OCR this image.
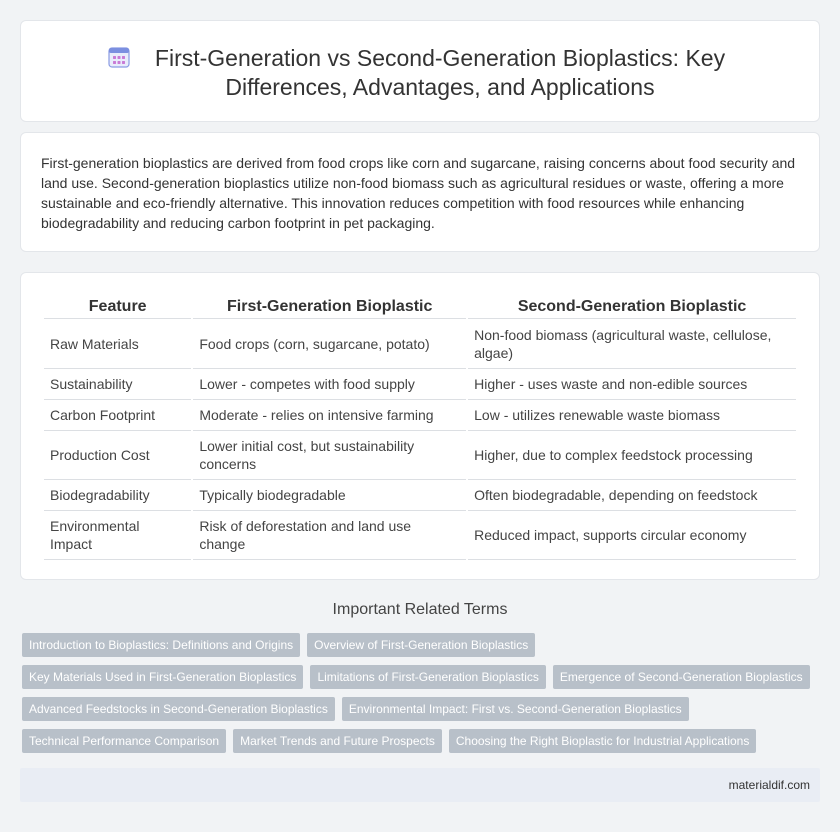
First-Generation vs Second-Generation Bioplastics: Key Differences, Advantages, and Applications

First-generation bioplastics are derived from food crops like corn and sugarcane, raising concerns about food security and land use. Second-generation bioplastics utilize non-food biomass such as agricultural residues or waste, offering a more sustainable and eco-friendly alternative. This innovation reduces competition with food resources while enhancing biodegradability and reducing carbon footprint in pet packaging.

Feature	First-Generation Bioplastic	Second-Generation Bioplastic
Raw Materials	Food crops (corn, sugarcane, potato)	Non-food biomass (agricultural waste, cellulose, algae)
Sustainability	Lower - competes with food supply	Higher - uses waste and non-edible sources
Carbon Footprint	Moderate - relies on intensive farming	Low - utilizes renewable waste biomass
Production Cost	Lower initial cost, but sustainability concerns	Higher, due to complex feedstock processing
Biodegradability	Typically biodegradable	Often biodegradable, depending on feedstock
Environmental Impact	Risk of deforestation and land use change	Reduced impact, supports circular economy
Important Related Terms
Introduction to Bioplastics: Definitions and Origins Overview of First-Generation Bioplastics
Key Materials Used in First-Generation Bioplastics Limitations of First-Generation Bioplastics Emergence of Second-Generation Bioplastics
Advanced Feedstocks in Second-Generation Bioplastics Environmental Impact: First vs. Second-Generation Bioplastics
Technical Performance Comparison Market Trends and Future Prospects Choosing the Right Bioplastic for Industrial Applications
materialdif.com
